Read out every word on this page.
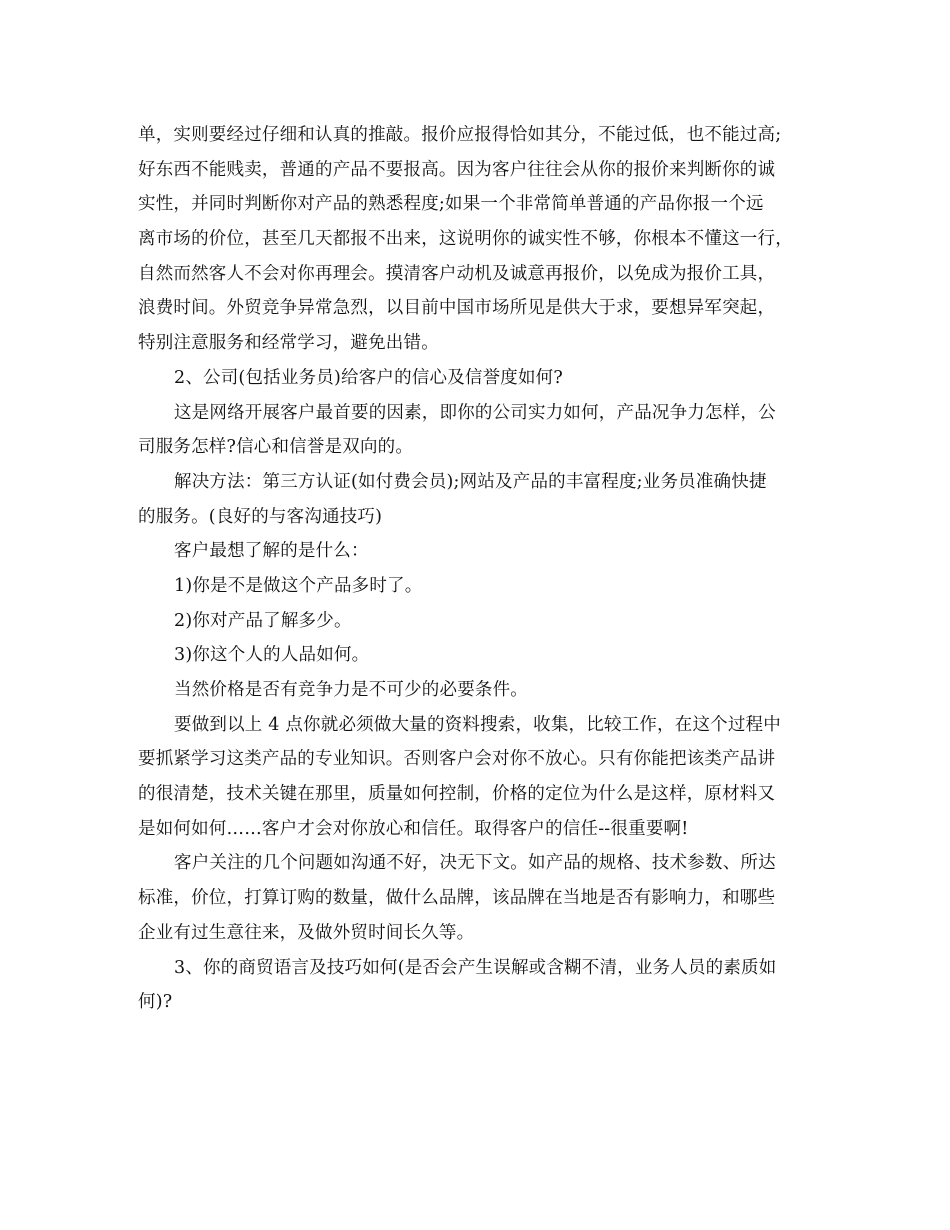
单，实则要经过仔细和认真的推敲。报价应报得恰如其分，不能过低，也不能过高;
好东西不能贱卖，普通的产品不要报高。因为客户往往会从你的报价来判断你的诚
实性，并同时判断你对产品的熟悉程度;如果一个非常简单普通的产品你报一个远
离市场的价位，甚至几天都报不出来，这说明你的诚实性不够，你根本不懂这一行，
自然而然客人不会对你再理会。摸清客户动机及诚意再报价，以免成为报价工具，
浪费时间。外贸竞争异常急烈，以目前中国市场所见是供大于求，要想异军突起，
特别注意服务和经常学习，避免出错。
2、公司(包括业务员)给客户的信心及信誉度如何?
这是网络开展客户最首要的因素，即你的公司实力如何，产品况争力怎样，公
司服务怎样?信心和信誉是双向的。
解决方法：第三方认证(如付费会员);网站及产品的丰富程度;业务员准确快捷
的服务。(良好的与客沟通技巧)
客户最想了解的是什么：
1)你是不是做这个产品多时了。
2)你对产品了解多少。
3)你这个人的人品如何。
当然价格是否有竞争力是不可少的必要条件。
要做到以上 4 点你就必须做大量的资料搜索，收集，比较工作，在这个过程中
要抓紧学习这类产品的专业知识。否则客户会对你不放心。只有你能把该类产品讲
的很清楚，技术关键在那里，质量如何控制，价格的定位为什么是这样，原材料又
是如何如何……客户才会对你放心和信任。取得客户的信任--很重要啊!
客户关注的几个问题如沟通不好，决无下文。如产品的规格、技术参数、所达
标准，价位，打算订购的数量，做什么品牌，该品牌在当地是否有影响力，和哪些
企业有过生意往来，及做外贸时间长久等。
3、你的商贸语言及技巧如何(是否会产生误解或含糊不清，业务人员的素质如
何)?
